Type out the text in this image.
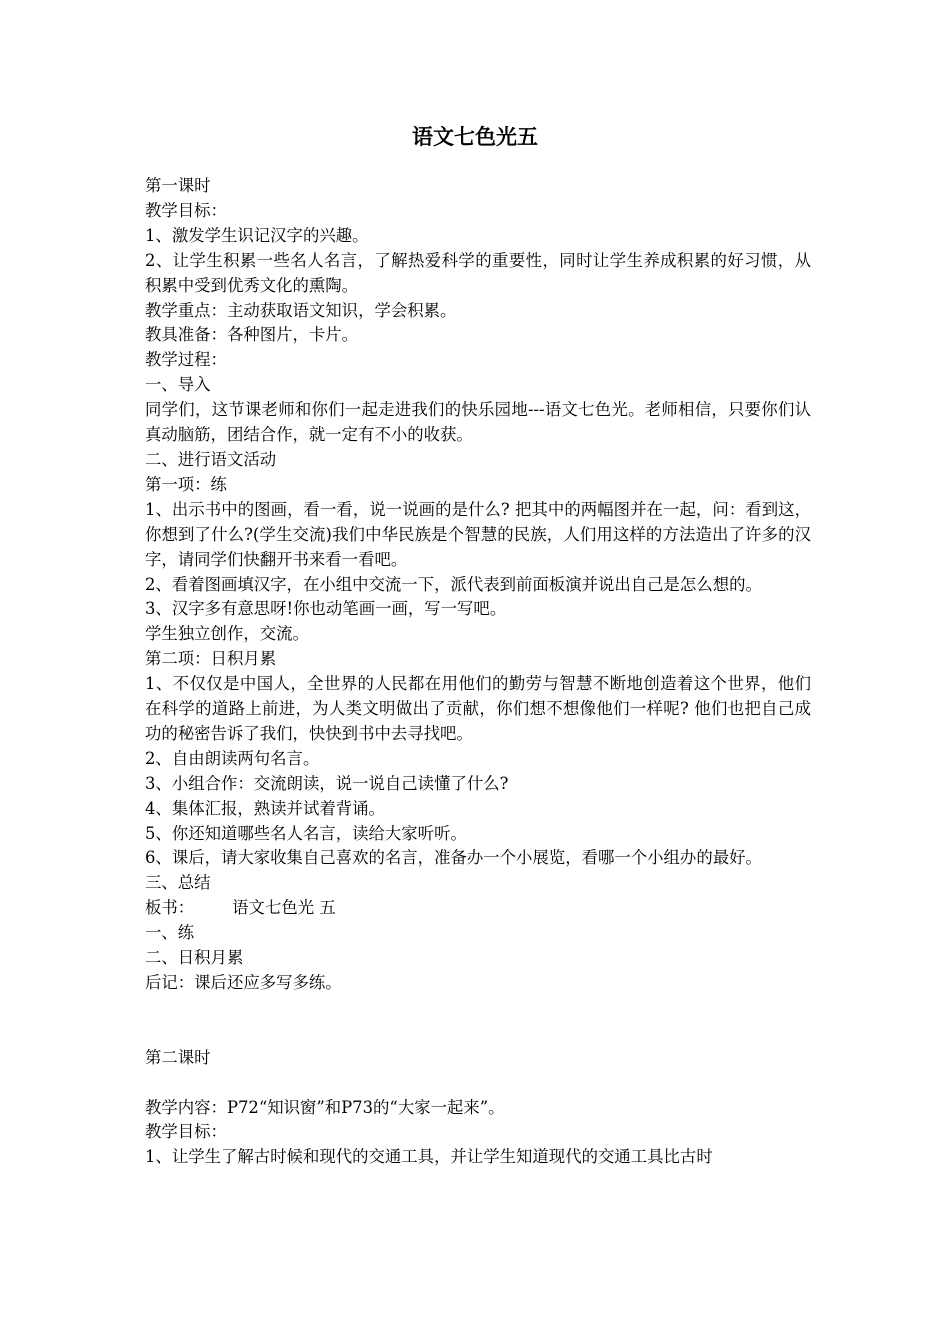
语文七色光五

第一课时

教学目标：

1、激发学生识记汉字的兴趣。

2、让学生积累一些名人名言，了解热爱科学的重要性，同时让学生养成积累的好习惯，从积累中受到优秀文化的熏陶。

教学重点：主动获取语文知识，学会积累。

教具准备：各种图片，卡片。

教学过程：

一、导入

同学们，这节课老师和你们一起走进我们的快乐园地---语文七色光。老师相信，只要你们认真动脑筋，团结合作，就一定有不小的收获。

二、进行语文活动

第一项：练

1、出示书中的图画，看一看，说一说画的是什么? 把其中的两幅图并在一起，问：看到这，你想到了什么?(学生交流)我们中华民族是个智慧的民族，人们用这样的方法造出了许多的汉字，请同学们快翻开书来看一看吧。

2、看着图画填汉字，在小组中交流一下，派代表到前面板演并说出自己是怎么想的。

3、汉字多有意思呀!你也动笔画一画，写一写吧。

学生独立创作，交流。

第二项：日积月累

1、不仅仅是中国人，全世界的人民都在用他们的勤劳与智慧不断地创造着这个世界，他们在科学的道路上前进，为人类文明做出了贡献，你们想不想像他们一样呢? 他们也把自己成功的秘密告诉了我们，快快到书中去寻找吧。

2、自由朗读两句名言。

3、小组合作：交流朗读，说一说自己读懂了什么?

4、集体汇报，熟读并试着背诵。

5、你还知道哪些名人名言，读给大家听听。

6、课后，请大家收集自己喜欢的名言，准备办一个小展览，看哪一个小组办的最好。

三、总结

板书： 语文七色光 五

一、练

二、日积月累

后记：课后还应多写多练。

第二课时

教学内容：P72“知识窗”和P73的“大家一起来”。

教学目标：

1、让学生了解古时候和现代的交通工具，并让学生知道现代的交通工具比古时
